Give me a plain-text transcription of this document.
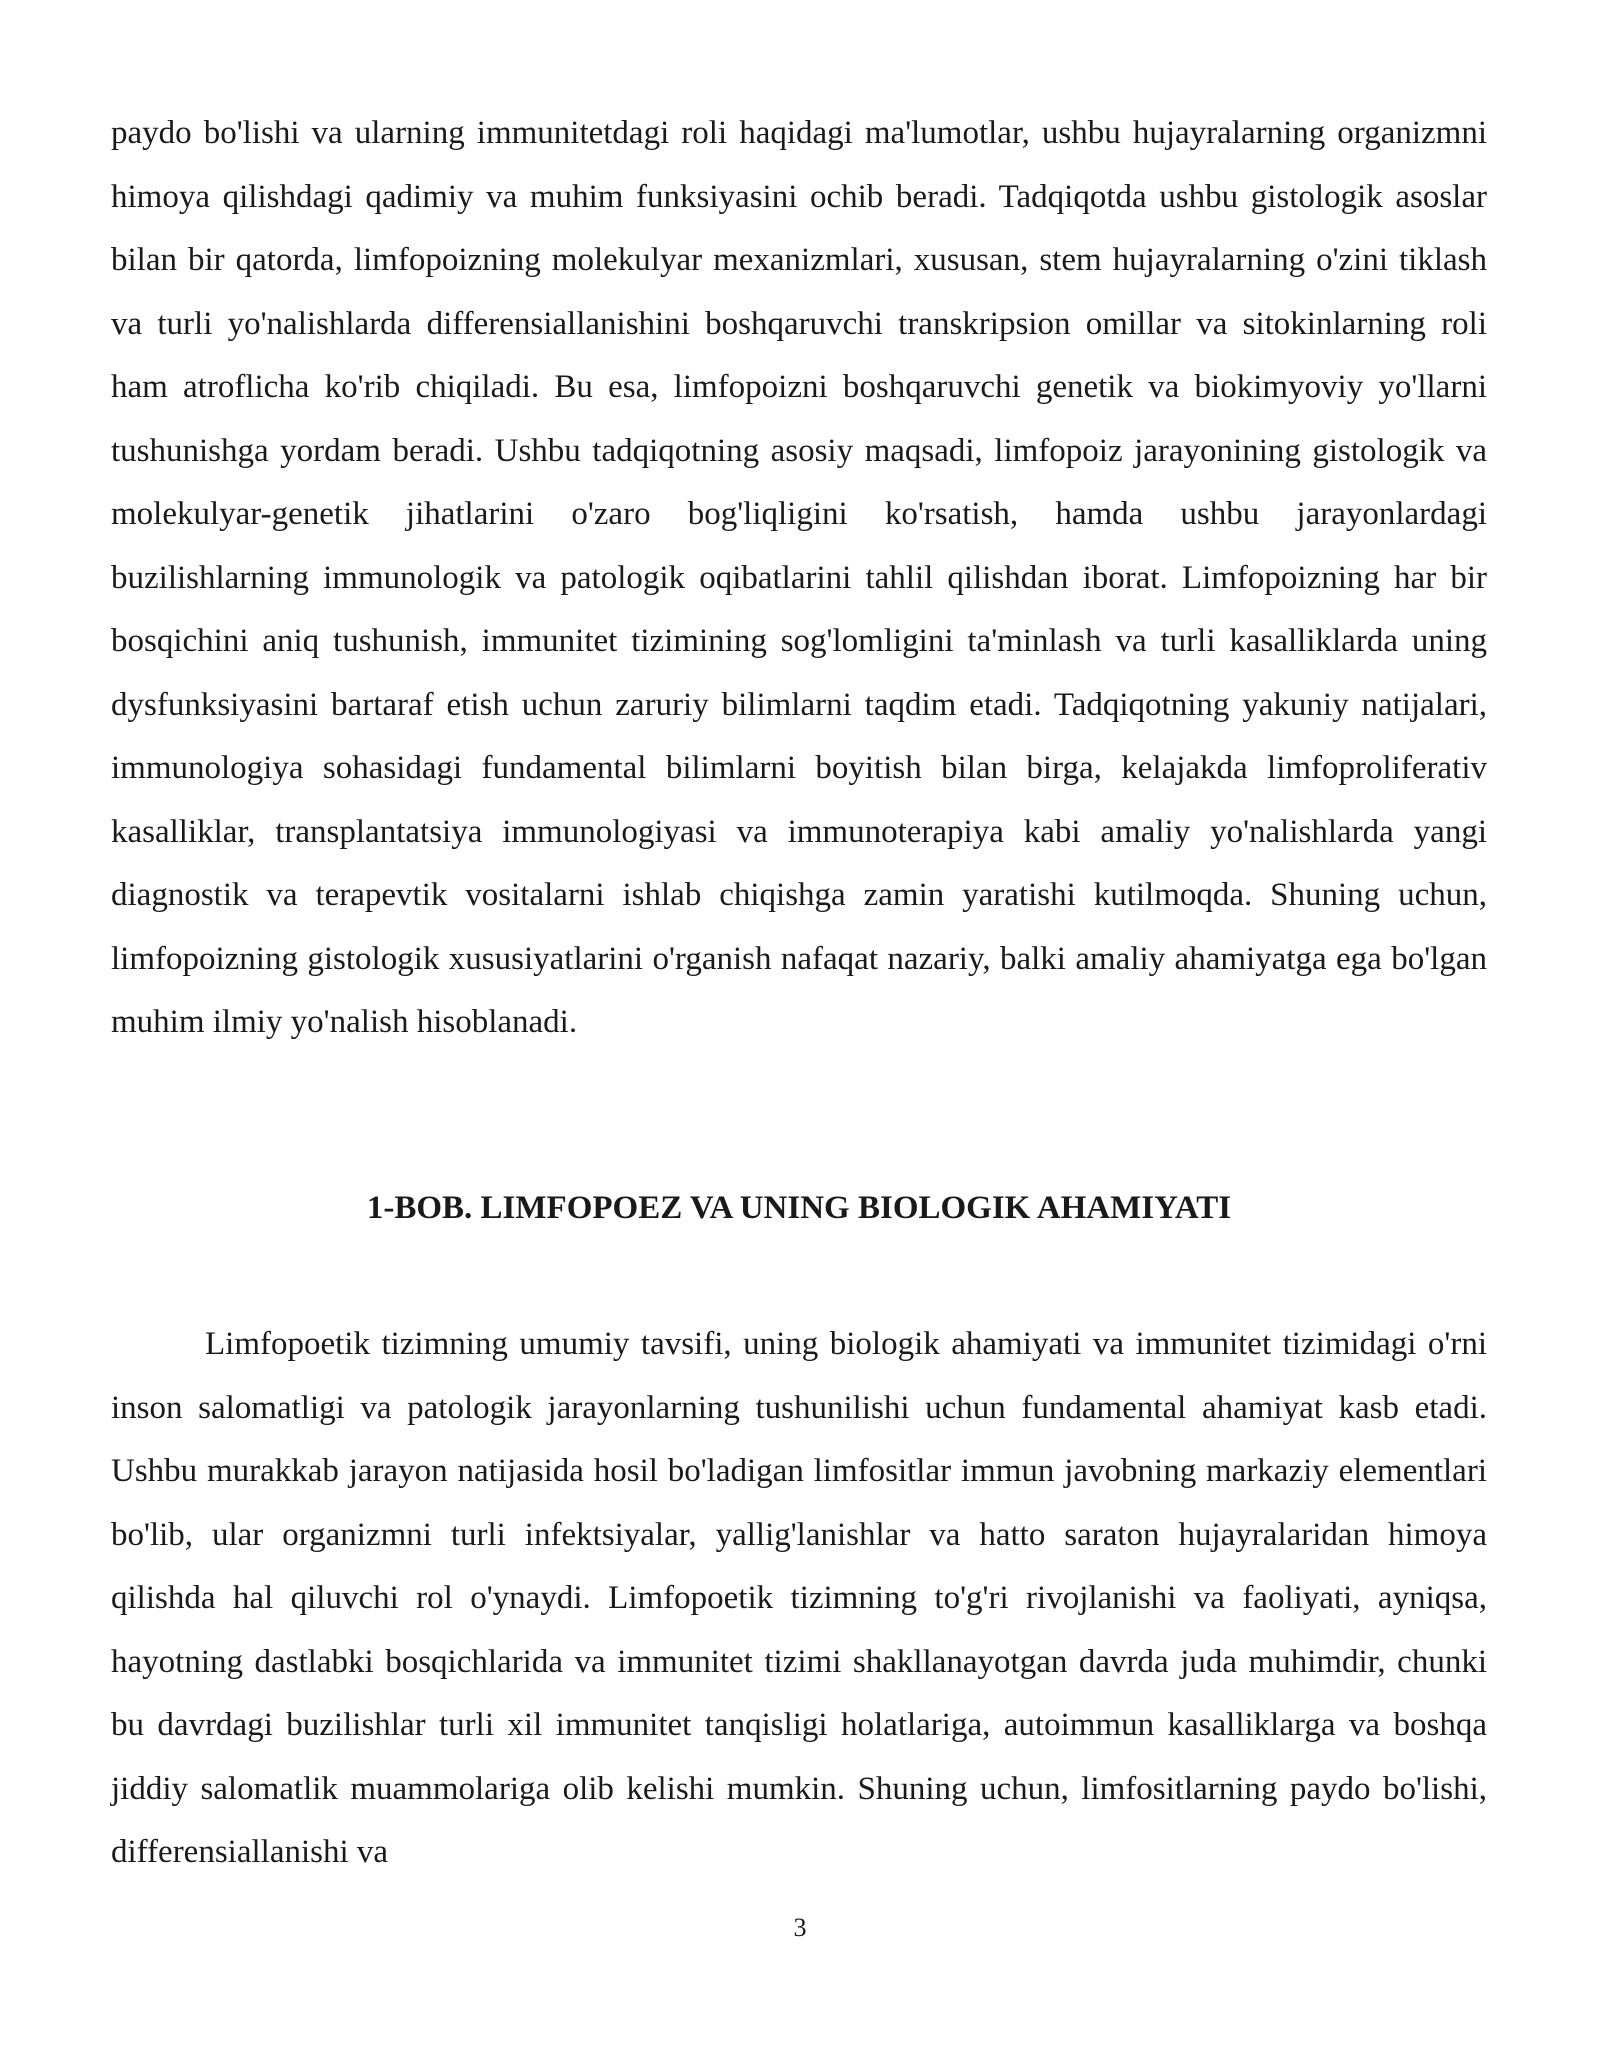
paydo bo'lishi va ularning immunitetdagi roli haqidagi ma'lumotlar, ushbu hujayralarning organizmni himoya qilishdagi qadimiy va muhim funksiyasini ochib beradi. Tadqiqotda ushbu gistologik asoslar bilan bir qatorda, limfopoizning molekulyar mexanizmlari, xususan, stem hujayralarning o'zini tiklash va turli yo'nalishlarda differensiallanishini boshqaruvchi transkripsion omillar va sitokinlarning roli ham atroflicha ko'rib chiqiladi. Bu esa, limfopoizni boshqaruvchi genetik va biokimyoviy yo'llarni tushunishga yordam beradi. Ushbu tadqiqotning asosiy maqsadi, limfopoiz jarayonining gistologik va molekulyar-genetik jihatlarini o'zaro bog'liqligini ko'rsatish, hamda ushbu jarayonlardagi buzilishlarning immunologik va patologik oqibatlarini tahlil qilishdan iborat. Limfopoizning har bir bosqichini aniq tushunish, immunitet tizimining sog'lomligini ta'minlash va turli kasalliklarda uning dysfunksiyasini bartaraf etish uchun zaruriy bilimlarni taqdim etadi. Tadqiqotning yakuniy natijalari, immunologiya sohasidagi fundamental bilimlarni boyitish bilan birga, kelajakda limfoproliferativ kasalliklar, transplantatsiya immunologiyasi va immunoterapiya kabi amaliy yo'nalishlarda yangi diagnostik va terapevtik vositalarni ishlab chiqishga zamin yaratishi kutilmoqda. Shuning uchun, limfopoizning gistologik xususiyatlarini o'rganish nafaqat nazariy, balki amaliy ahamiyatga ega bo'lgan muhim ilmiy yo'nalish hisoblanadi.

1-BOB. LIMFOPOEZ VA UNING BIOLOGIK AHAMIYATI

Limfopoetik tizimning umumiy tavsifi, uning biologik ahamiyati va immunitet tizimidagi o'rni inson salomatligi va patologik jarayonlarning tushunilishi uchun fundamental ahamiyat kasb etadi. Ushbu murakkab jarayon natijasida hosil bo'ladigan limfositlar immun javobning markaziy elementlari bo'lib, ular organizmni turli infektsiyalar, yallig'lanishlar va hatto saraton hujayralaridan himoya qilishda hal qiluvchi rol o'ynaydi. Limfopoetik tizimning to'g'ri rivojlanishi va faoliyati, ayniqsa, hayotning dastlabki bosqichlarida va immunitet tizimi shakllanayotgan davrda juda muhimdir, chunki bu davrdagi buzilishlar turli xil immunitet tanqisligi holatlariga, autoimmun kasalliklarga va boshqa jiddiy salomatlik muammolariga olib kelishi mumkin. Shuning uchun, limfositlarning paydo bo'lishi, differensiallanishi va

3
